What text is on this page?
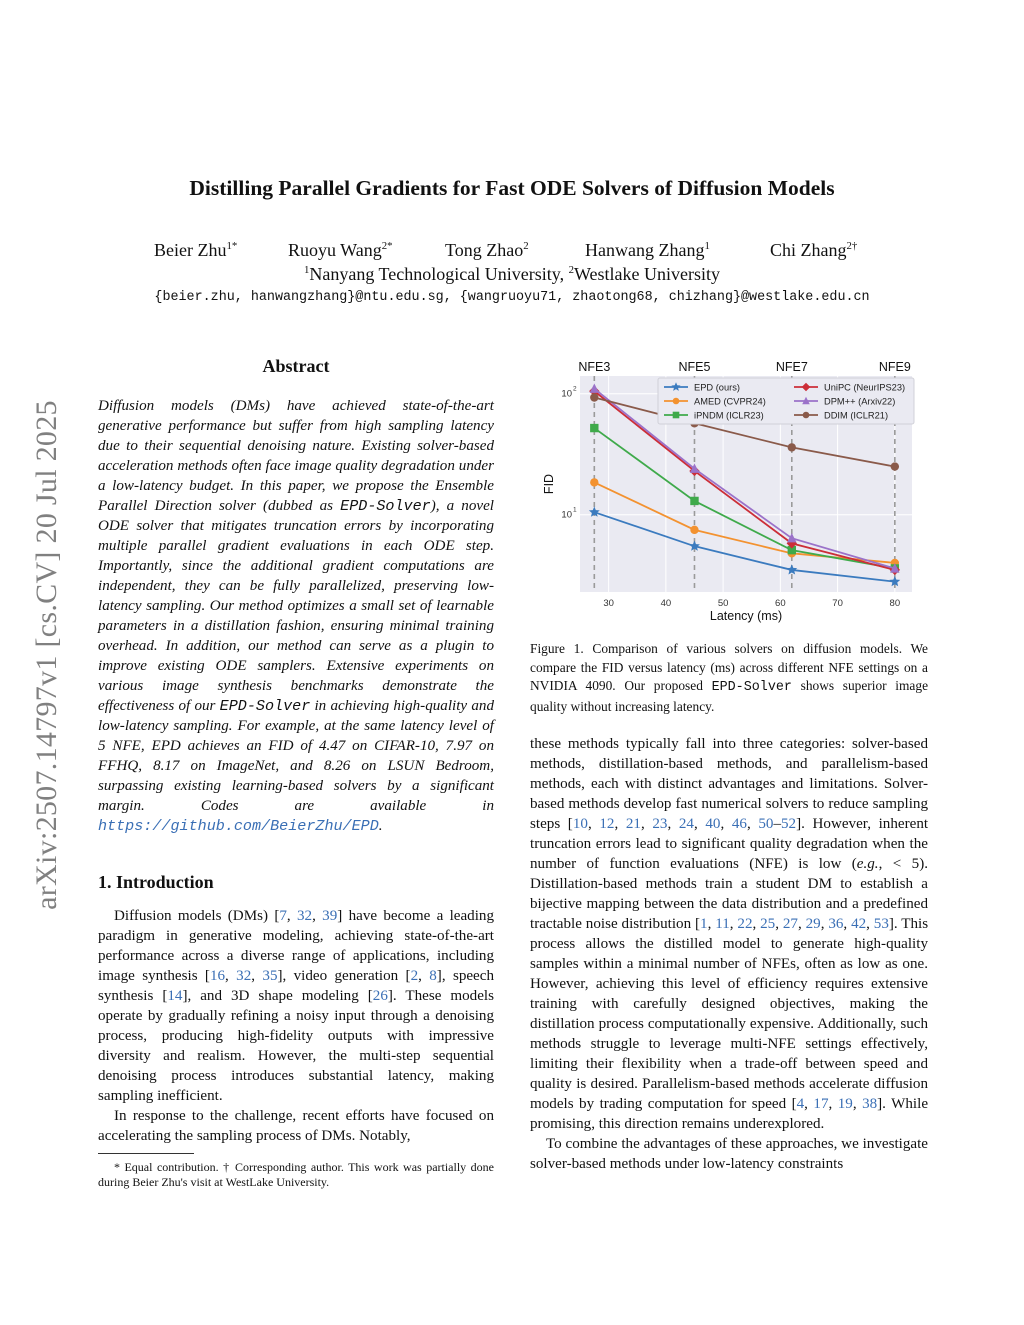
arXiv:2507.14797v1 [cs.CV] 20 Jul 2025
Distilling Parallel Gradients for Fast ODE Solvers of Diffusion Models
Beier Zhu$^{1*}$	Ruoyu Wang$^{2*}$	Tong Zhao$^2$	Hanwang Zhang$^1$	Chi Zhang$^{2\dagger}$
$^1$Nanyang Technological University, $^2$Westlake University
{beier.zhu, hanwangzhang}@ntu.edu.sg, {wangruoyu71, zhaotong68, chizhang}@westlake.edu.cn
Abstract

Diffusion models (DMs) have achieved state-of-the-art generative performance but suffer from high sampling latency due to their sequential denoising nature. Existing solver-based acceleration methods often face image quality degradation under a low-latency budget. In this paper, we propose the Ensemble Parallel Direction solver (dubbed as EPD-Solver), a novel ODE solver that mitigates truncation errors by incorporating multiple parallel gradient evaluations in each ODE step. Importantly, since the additional gradient computations are independent, they can be fully parallelized, preserving low-latency sampling. Our method optimizes a small set of learnable parameters in a distillation fashion, ensuring minimal training overhead. In addition, our method can serve as a plugin to improve existing ODE samplers. Extensive experiments on various image synthesis benchmarks demonstrate the effectiveness of our EPD-Solver in achieving high-quality and low-latency sampling. For example, at the same latency level of 5 NFE, EPD achieves an FID of 4.47 on CIFAR-10, 7.97 on FFHQ, 8.17 on ImageNet, and 8.26 on LSUN Bedroom, surpassing existing learning-based solvers by a significant margin. Codes are available in https://github.com/BeierZhu/EPD.

1. Introduction

Diffusion models (DMs) [7, 32, 39] have become a leading paradigm in generative modeling, achieving state-of-the-art performance across a diverse range of applications, including image synthesis [16, 32, 35], video generation [2, 8], speech synthesis [14], and 3D shape modeling [26]. These models operate by gradually refining a noisy input through a denoising process, producing high-fidelity outputs with impressive diversity and realism. However, the multi-step sequential denoising process introduces substantial latency, making sampling inefficient.

In response to the challenge, recent efforts have focused on accelerating the sampling process of DMs. Notably,

* Equal contribution. † Corresponding author. This work was partially done during Beier Zhu's visit at WestLake University.

NFE3	NFE5	NFE7	NFE9
30	40	50	60	70	80
10 1
10 2
Latency (ms)
FID
EPD (ours)
AMED (CVPR24)
iPNDM (ICLR23)
UniPC (NeurIPS23)
DPM++ (Arxiv22)
DDIM (ICLR21)

Figure 1. Comparison of various solvers on diffusion models. We compare the FID versus latency (ms) across different NFE settings on a NVIDIA 4090. Our proposed EPD-Solver shows superior image quality without increasing latency.

these methods typically fall into three categories: solver-based methods, distillation-based methods, and parallelism-based methods, each with distinct advantages and limitations. Solver-based methods develop fast numerical solvers to reduce sampling steps [10, 12, 21, 23, 24, 40, 46, 50–52]. However, inherent truncation errors lead to significant quality degradation when the number of function evaluations (NFE) is low (e.g., < 5). Distillation-based methods train a student DM to establish a bijective mapping between the data distribution and a predefined tractable noise distribution [1, 11, 22, 25, 27, 29, 36, 42, 53]. This process allows the distilled model to generate high-quality samples within a minimal number of NFEs, often as low as one. However, achieving this level of efficiency requires extensive training with carefully designed objectives, making the distillation process computationally expensive. Additionally, such methods struggle to leverage multi-NFE settings effectively, limiting their flexibility when a trade-off between speed and quality is desired. Parallelism-based methods accelerate diffusion models by trading computation for speed [4, 17, 19, 38]. While promising, this direction remains underexplored.

To combine the advantages of these approaches, we investigate solver-based methods under low-latency constraints
